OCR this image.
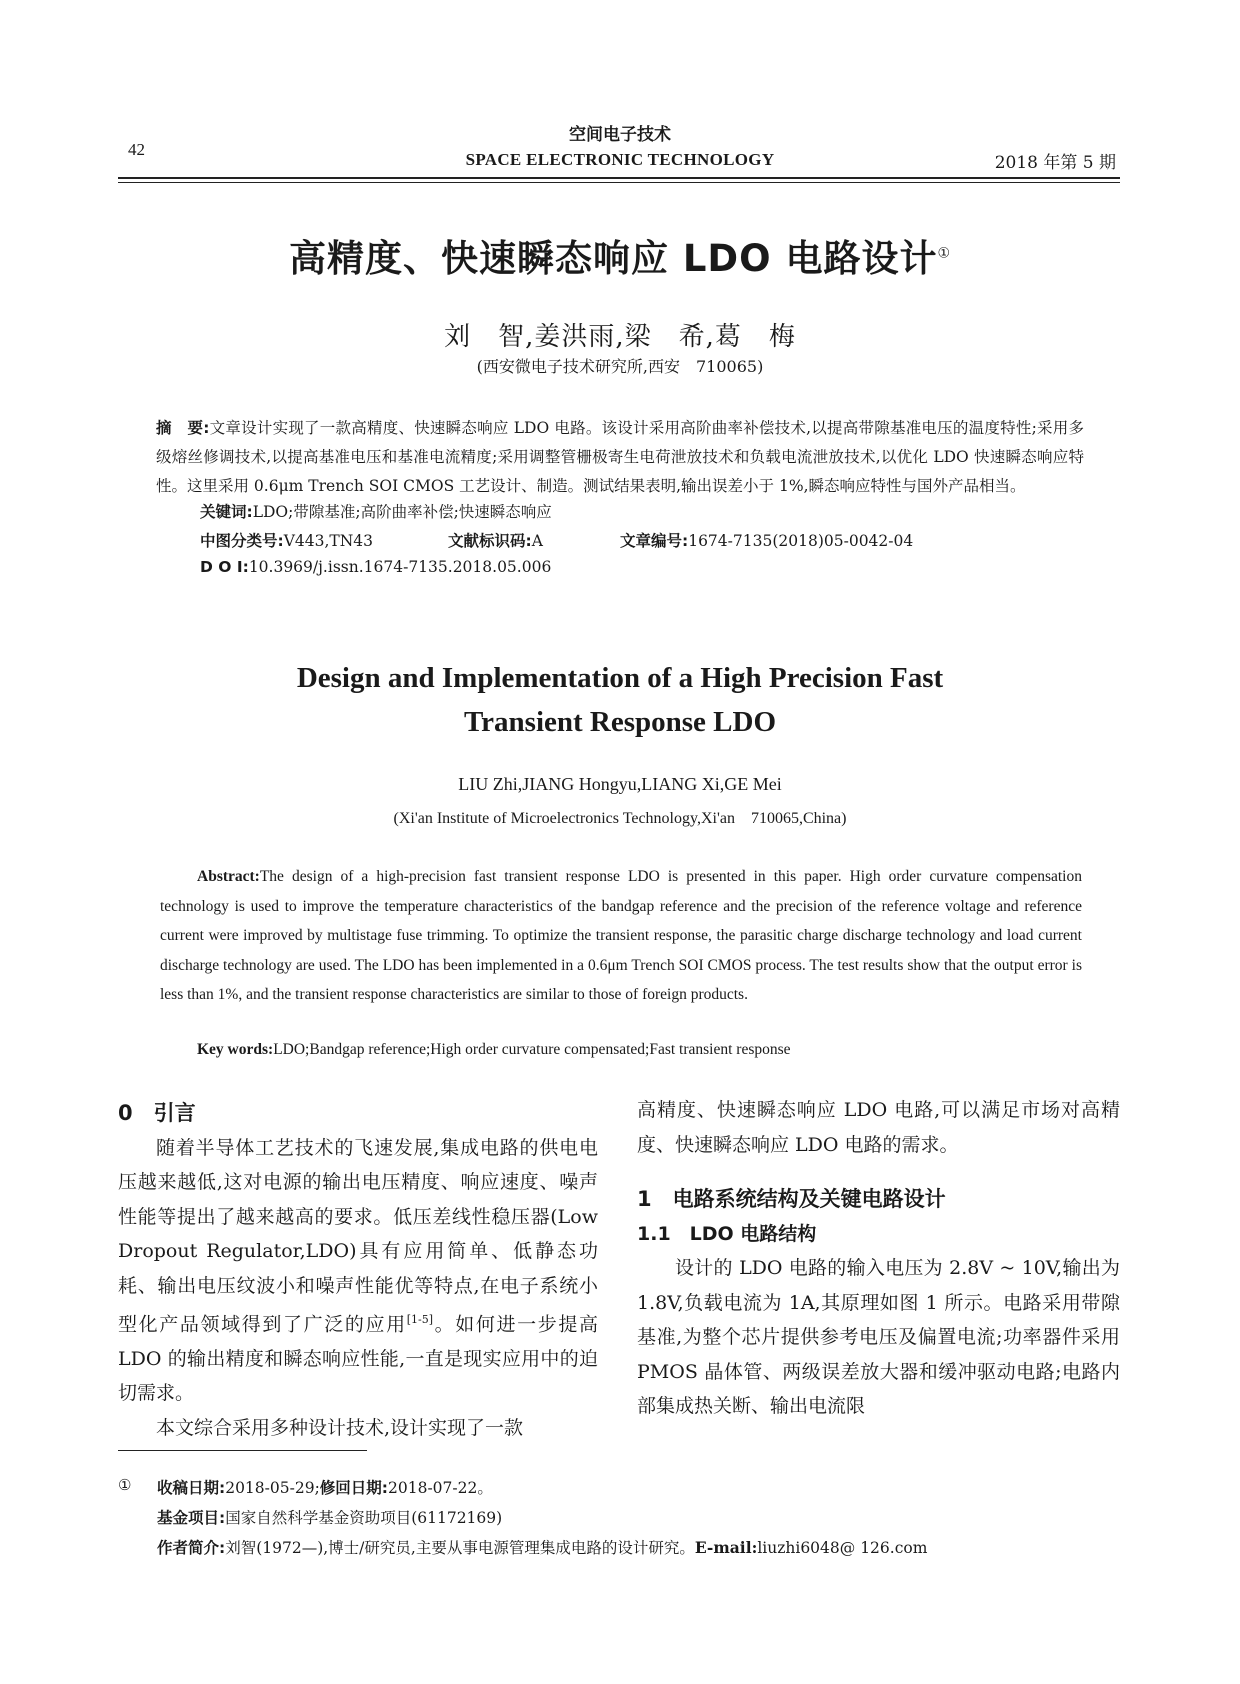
42
空间电子技术
SPACE ELECTRONIC TECHNOLOGY	2018 年第 5 期
高精度、快速瞬态响应 LDO 电路设计①
刘　智,姜洪雨,梁　希,葛　梅
(西安微电子技术研究所,西安　710065)
摘　要:文章设计实现了一款高精度、快速瞬态响应 LDO 电路。该设计采用高阶曲率补偿技术,以提高带隙基准电压的温度特性;采用多级熔丝修调技术,以提高基准电压和基准电流精度;采用调整管栅极寄生电荷泄放技术和负载电流泄放技术,以优化 LDO 快速瞬态响应特性。这里采用 0.6μm Trench SOI CMOS 工艺设计、制造。测试结果表明,输出误差小于 1%,瞬态响应特性与国外产品相当。
关键词:LDO;带隙基准;高阶曲率补偿;快速瞬态响应
中图分类号:V443,TN43	文献标识码:A	文章编号:1674-7135(2018)05-0042-04
D O I:10.3969/j.issn.1674-7135.2018.05.006
Design and Implementation of a High Precision Fast
Transient Response LDO
LIU Zhi,JIANG Hongyu,LIANG Xi,GE Mei
(Xi'an Institute of Microelectronics Technology,Xi'an　710065,China)
Abstract:The design of a high-precision fast transient response LDO is presented in this paper. High order curvature compensation technology is used to improve the temperature characteristics of the bandgap reference and the precision of the reference voltage and reference current were improved by multistage fuse trimming. To optimize the transient response, the parasitic charge discharge technology and load current discharge technology are used. The LDO has been implemented in a 0.6μm Trench SOI CMOS process. The test results show that the output error is less than 1%, and the transient response characteristics are similar to those of foreign products.
Key words:LDO;Bandgap reference;High order curvature compensated;Fast transient response
0　引言
随着半导体工艺技术的飞速发展,集成电路的供电电压越来越低,这对电源的输出电压精度、响应速度、噪声性能等提出了越来越高的要求。低压差线性稳压器(Low Dropout Regulator,LDO)具有应用简单、低静态功耗、输出电压纹波小和噪声性能优等特点,在电子系统小型化产品领域得到了广泛的应用[1-5]。如何进一步提高 LDO 的输出精度和瞬态响应性能,一直是现实应用中的迫切需求。
本文综合采用多种设计技术,设计实现了一款
高精度、快速瞬态响应 LDO 电路,可以满足市场对高精度、快速瞬态响应 LDO 电路的需求。
1　电路系统结构及关键电路设计
1.1　LDO 电路结构
设计的 LDO 电路的输入电压为 2.8V ~ 10V,输出为 1.8V,负载电流为 1A,其原理如图 1 所示。电路采用带隙基准,为整个芯片提供参考电压及偏置电流;功率器件采用 PMOS 晶体管、两级误差放大器和缓冲驱动电路;电路内部集成热关断、输出电流限
① 收稿日期:2018-05-29;修回日期:2018-07-22。
基金项目:国家自然科学基金资助项目(61172169)
作者简介:刘智(1972—),博士/研究员,主要从事电源管理集成电路的设计研究。E-mail:liuzhi6048@ 126.com
